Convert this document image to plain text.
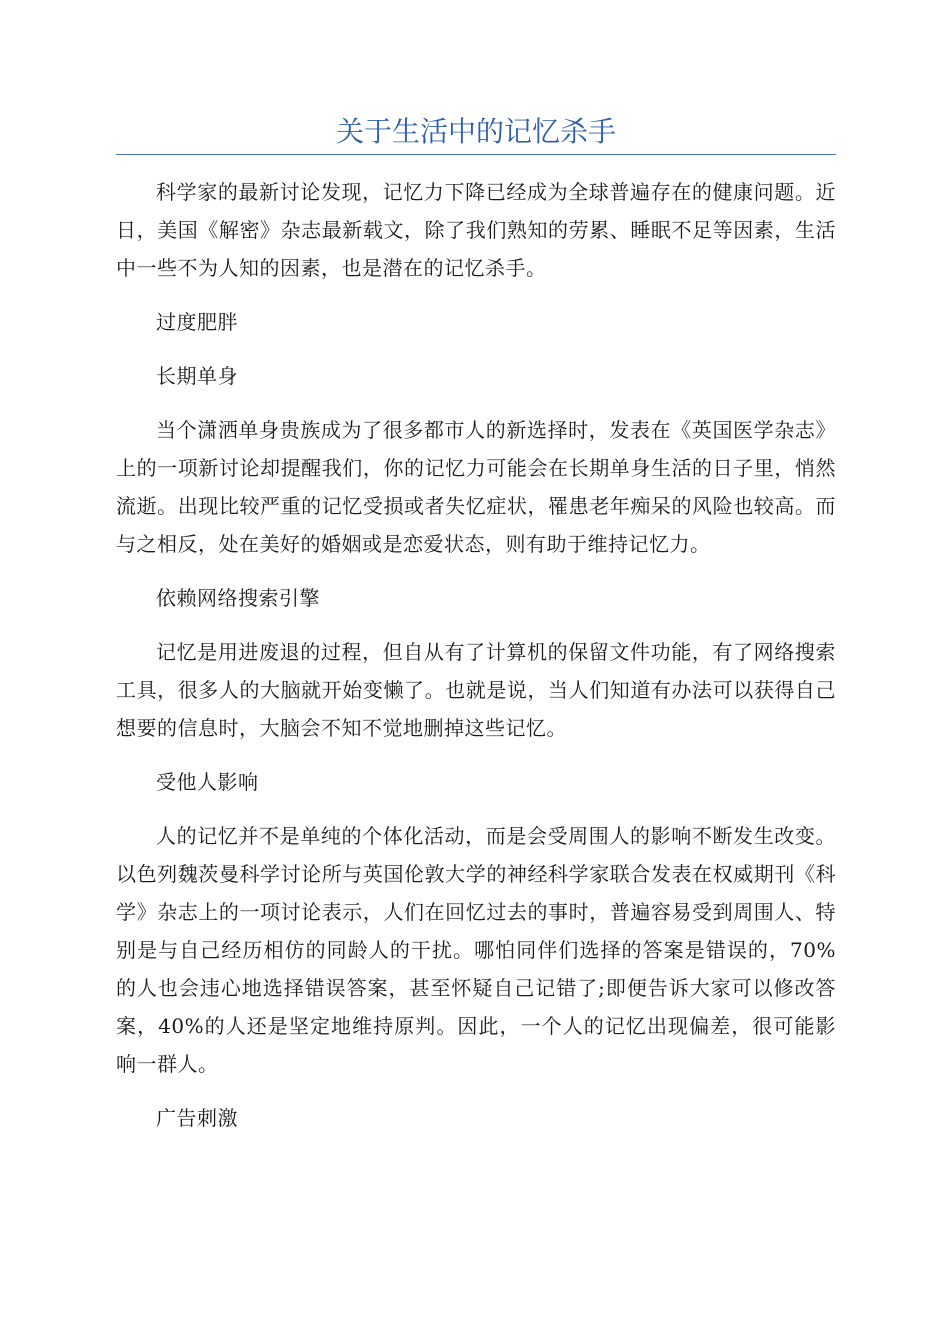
关于生活中的记忆杀手

科学家的最新讨论发现，记忆力下降已经成为全球普遍存在的健康问题。近日，美国《解密》杂志最新载文，除了我们熟知的劳累、睡眠不足等因素，生活中一些不为人知的因素，也是潜在的记忆杀手。

过度肥胖

长期单身

当个潇洒单身贵族成为了很多都市人的新选择时，发表在《英国医学杂志》上的一项新讨论却提醒我们，你的记忆力可能会在长期单身生活的日子里，悄然流逝。出现比较严重的记忆受损或者失忆症状，罹患老年痴呆的风险也较高。而与之相反，处在美好的婚姻或是恋爱状态，则有助于维持记忆力。

依赖网络搜索引擎

记忆是用进废退的过程，但自从有了计算机的保留文件功能，有了网络搜索工具，很多人的大脑就开始变懒了。也就是说，当人们知道有办法可以获得自己想要的信息时，大脑会不知不觉地删掉这些记忆。

受他人影响

人的记忆并不是单纯的个体化活动，而是会受周围人的影响不断发生改变。以色列魏茨曼科学讨论所与英国伦敦大学的神经科学家联合发表在权威期刊《科学》杂志上的一项讨论表示，人们在回忆过去的事时，普遍容易受到周围人、特别是与自己经历相仿的同龄人的干扰。哪怕同伴们选择的答案是错误的，70%的人也会违心地选择错误答案，甚至怀疑自己记错了;即便告诉大家可以修改答案，40%的人还是坚定地维持原判。因此，一个人的记忆出现偏差，很可能影响一群人。

广告刺激
